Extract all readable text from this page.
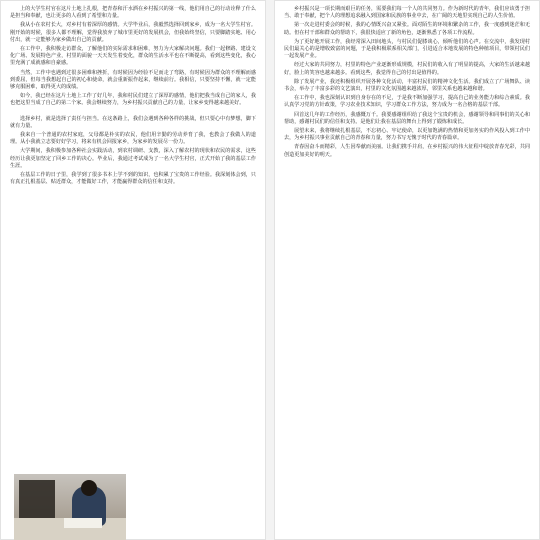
上的大学生村官在这片土地上扎根，把青春和汗水洒在乡村振兴的第一线，他们用自己的行动诠释了什么是担当和奉献，也让更多的人看到了希望和力量。

我从小在农村长大，对乡村有着深厚的感情。大学毕业后，我毅然选择回到家乡，成为一名大学生村官。刚开始的时候，很多人都不理解，觉得我放弃了城市里更好的发展机会，但我始终坚信，只要脚踏实地、用心付出，就一定能够为家乡做出自己的贡献。

在工作中，我积极走访群众，了解他们的实际需求和困难，努力为大家解决问题。我们一起修路、建设文化广场、发展特色产业，村里的面貌一天天发生着变化，群众的生活水平也在不断提高，看到这些变化，我心里充满了成就感和自豪感。

当然，工作中也遇到过很多困难和挫折，有时候因为经验不足而走了弯路，有时候因为群众的不理解而感到委屈，但每当我想起自己的初心和使命，就会重新振作起来，继续前行。我相信，只要坚持不懈，就一定能够克服困难，取得更大的成绩。

如今，我已经在这片土地上工作了好几年，我和村民们建立了深厚的感情，他们把我当成自己的家人，我也把这里当成了自己的第二个家。我会继续努力，为乡村振兴贡献自己的力量，让家乡变得越来越美好。

选择乡村，就是选择了责任与担当。在这条路上，我们会遇到各种各样的挑战，但只要心中有梦想，脚下就有力量。

我来自一个普通的农村家庭，父母都是朴实的农民，他们用辛勤的劳动养育了我，也教会了我做人的道理。从小我就立志要好好学习，将来有机会回报家乡，为家乡的发展尽一份力。

大学期间，我积极参加各种社会实践活动，到农村调研、支教，深入了解农村的现状和农民的需求，这些经历让我更加坚定了回乡工作的决心。毕业后，我通过考试成为了一名大学生村官，正式开始了我的基层工作生涯。

在基层工作的日子里，我学到了很多书本上学不到的知识，也积累了宝贵的工作经验。我深刻体会到，只有真正扎根基层、贴近群众，才能做好工作，才能赢得群众的信任和支持。

乡村振兴是一项长期而艰巨的任务，需要我们每一个人的共同努力。作为新时代的青年，我们应该勇于担当、敢于奉献，把个人的理想追求融入到国家和民族的事业中去，在广阔的天地里实现自己的人生价值。

第一次走进村委会的时候，我的心情既兴奋又紧张。面对陌生的环境和繁杂的工作，我一度感到迷茫和无助。但在村干部和群众的帮助下，我很快适应了新的角色，逐渐熟悉了各项工作流程。

为了更好地开展工作，我经常深入田间地头，与村民们促膝谈心，倾听他们的心声。在交流中，我发现村民们最关心的是增收致富的问题，于是我积极联系相关部门，引进适合本地发展的特色种植项目，带领村民们一起发展产业。

经过大家的共同努力，村里的特色产业逐渐形成规模，村民们的收入有了明显的提高，大家的生活越来越好，脸上的笑容也越来越多。看到这些，我觉得自己的付出是值得的。

除了发展产业，我还积极组织开展各种文化活动，丰富村民们的精神文化生活。我们成立了广场舞队、读书会，举办了丰富多彩的文艺演出，村里的文化氛围越来越浓厚，邻里关系也越来越和谐。

在工作中，我也深刻认识到自身存在的不足，于是我不断加强学习，提高自己的业务能力和综合素质。我认真学习党的方针政策，学习农业技术知识，学习群众工作方法，努力成为一名合格的基层干部。

回首这几年的工作经历，我感慨万千。我要感谢组织给了我这个宝贵的机会，感谢领导和同事们的关心和帮助，感谢村民们的信任和支持。是他们让我在基层的舞台上得到了锻炼和成长。

展望未来，我将继续扎根基层，不忘初心、牢记使命，以更加饱满的热情和更加务实的作风投入到工作中去，为乡村振兴事业贡献自己的青春和力量，努力书写无愧于时代的青春篇章。

青春因奋斗而精彩，人生因奉献而美丽。让我们携手并肩，在乡村振兴的伟大征程中绽放青春光彩，共同创造更加美好的明天。
